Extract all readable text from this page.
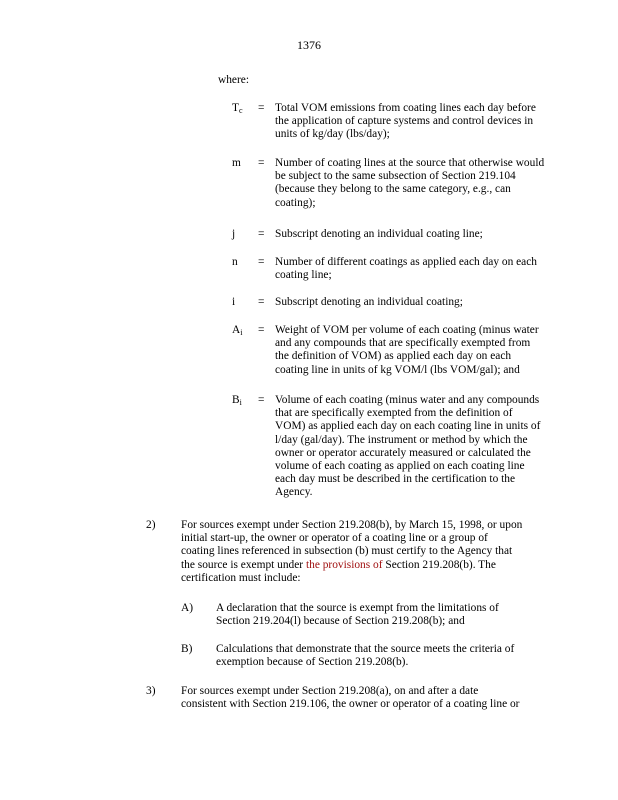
1376
where:
$T_c$	= Total VOM emissions from coating lines each day before
the application of capture systems and control devices in
units of kg/day (lbs/day);
m	= Number of coating lines at the source that otherwise would
be subject to the same subsection of Section 219.104
(because they belong to the same category, e.g., can
coating);
j	= Subscript denoting an individual coating line;
n	= Number of different coatings as applied each day on each
coating line;
i	= Subscript denoting an individual coating;
$A_i$	= Weight of VOM per volume of each coating (minus water
and any compounds that are specifically exempted from
the definition of VOM) as applied each day on each
coating line in units of kg VOM/l (lbs VOM/gal); and
$B_i$	= Volume of each coating (minus water and any compounds
that are specifically exempted from the definition of
VOM) as applied each day on each coating line in units of
l/day (gal/day). The instrument or method by which the
owner or operator accurately measured or calculated the
volume of each coating as applied on each coating line
each day must be described in the certification to the
Agency.
2) For sources exempt under Section 219.208(b), by March 15, 1998, or upon
initial start-up, the owner or operator of a coating line or a group of
coating lines referenced in subsection (b) must certify to the Agency that
the source is exempt under the provisions of Section 219.208(b). The
certification must include:
A) A declaration that the source is exempt from the limitations of
Section 219.204(l) because of Section 219.208(b); and
B) Calculations that demonstrate that the source meets the criteria of
exemption because of Section 219.208(b).
3) For sources exempt under Section 219.208(a), on and after a date
consistent with Section 219.106, the owner or operator of a coating line or
